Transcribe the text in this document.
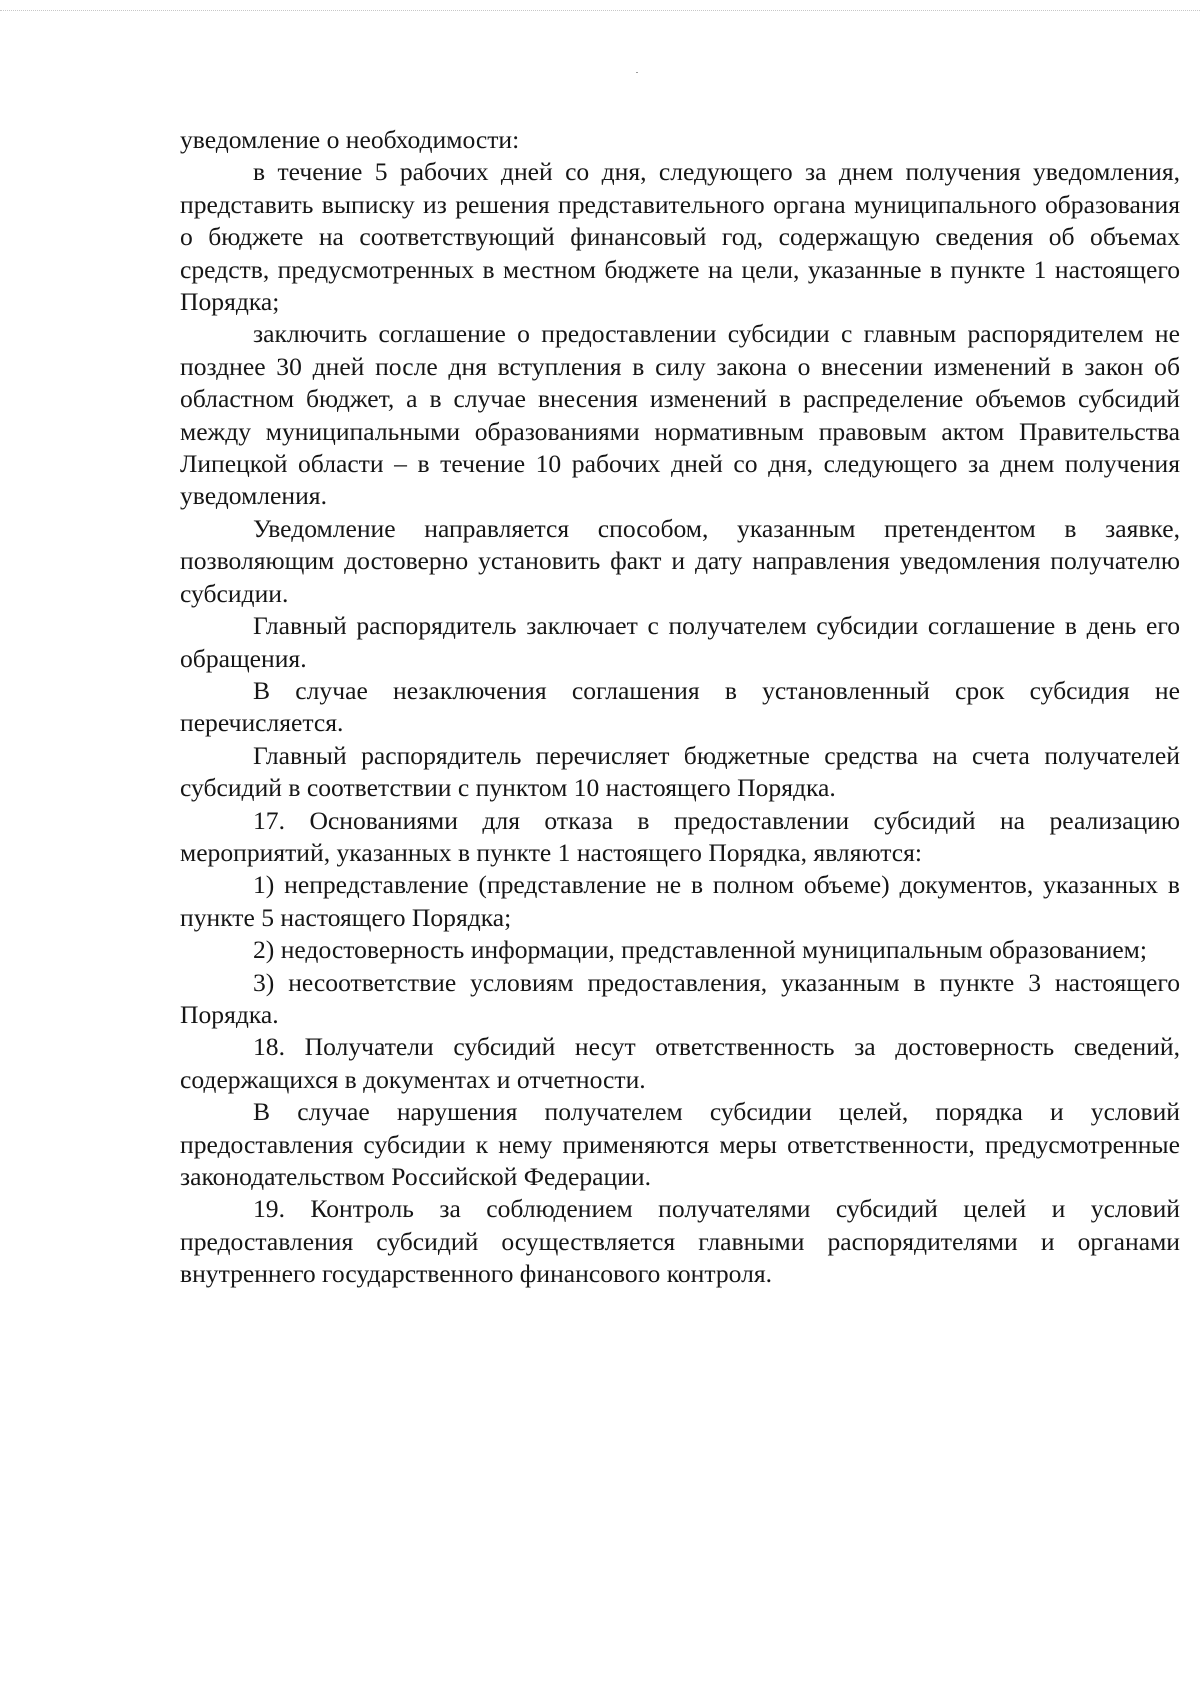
уведомление о необходимости:

в течение 5 рабочих дней со дня, следующего за днем получения уведомления, представить выписку из решения представительного органа муниципального образования о бюджете на соответствующий финансовый год, содержащую сведения об объемах средств, предусмотренных в местном бюджете на цели, указанные в пункте 1 настоящего Порядка;

заключить соглашение о предоставлении субсидии с главным распорядителем не позднее 30 дней после дня вступления в силу закона о внесении изменений в закон об областном бюджет, а в случае внесения изменений в распределение объемов субсидий между муниципальными образованиями нормативным правовым актом Правительства Липецкой области – в течение 10 рабочих дней со дня, следующего за днем получения уведомления.

Уведомление направляется способом, указанным претендентом в заявке, позволяющим достоверно установить факт и дату направления уведомления получателю субсидии.

Главный распорядитель заключает с получателем субсидии соглашение в день его обращения.

В случае незаключения соглашения в установленный срок субсидия не перечисляется.

Главный распорядитель перечисляет бюджетные средства на счета получателей субсидий в соответствии с пунктом 10 настоящего Порядка.

17. Основаниями для отказа в предоставлении субсидий на реализацию мероприятий, указанных в пункте 1 настоящего Порядка, являются:

1) непредставление (представление не в полном объеме) документов, указанных в пункте 5 настоящего Порядка;

2) недостоверность информации, представленной муниципальным образованием;

3) несоответствие условиям предоставления, указанным в пункте 3 настоящего Порядка.

18. Получатели субсидий несут ответственность за достоверность сведений, содержащихся в документах и отчетности.

В случае нарушения получателем субсидии целей, порядка и условий предоставления субсидии к нему применяются меры ответственности, предусмотренные законодательством Российской Федерации.

19. Контроль за соблюдением получателями субсидий целей и условий предоставления субсидий осуществляется главными распорядителями и органами внутреннего государственного финансового контроля.
